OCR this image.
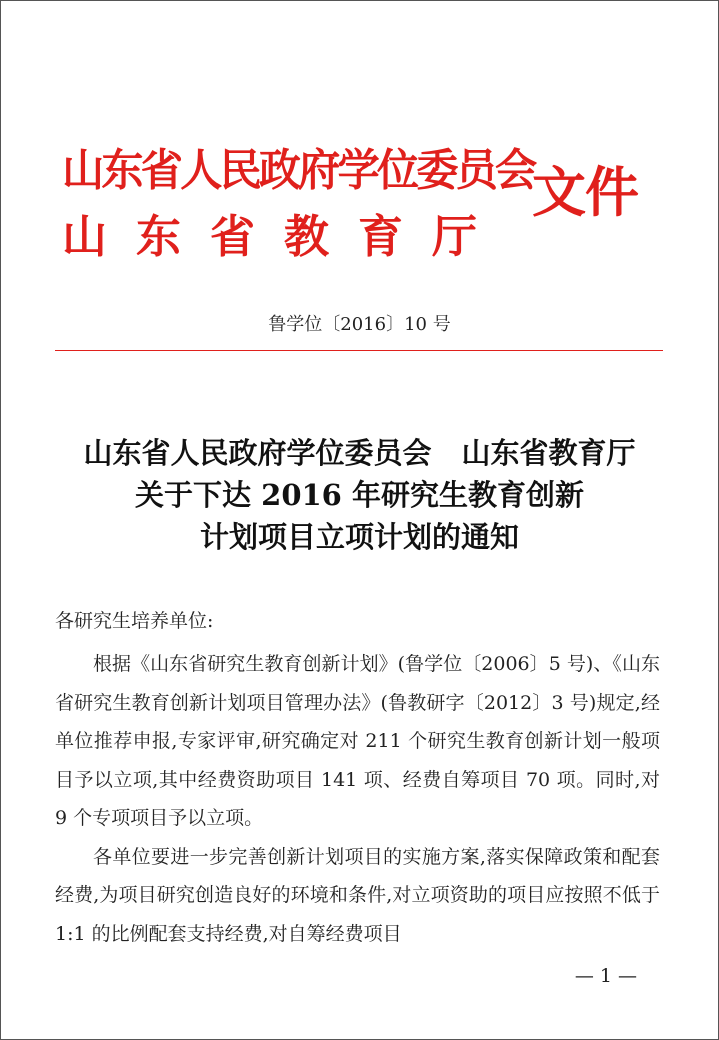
山东省人民政府学位委员会
山东省教育厅
文件
鲁学位〔2016〕10 号
山东省人民政府学位委员会 山东省教育厅
关于下达 2016 年研究生教育创新
计划项目立项计划的通知
各研究生培养单位:

根据《山东省研究生教育创新计划》(鲁学位〔2006〕5 号)、《山东省研究生教育创新计划项目管理办法》(鲁教研字〔2012〕3 号)规定,经单位推荐申报,专家评审,研究确定对 211 个研究生教育创新计划一般项目予以立项,其中经费资助项目 141 项、经费自筹项目 70 项。同时,对 9 个专项项目予以立项。

各单位要进一步完善创新计划项目的实施方案,落实保障政策和配套经费,为项目研究创造良好的环境和条件,对立项资助的项目应按照不低于 1:1 的比例配套支持经费,对自筹经费项目

— 1 —
